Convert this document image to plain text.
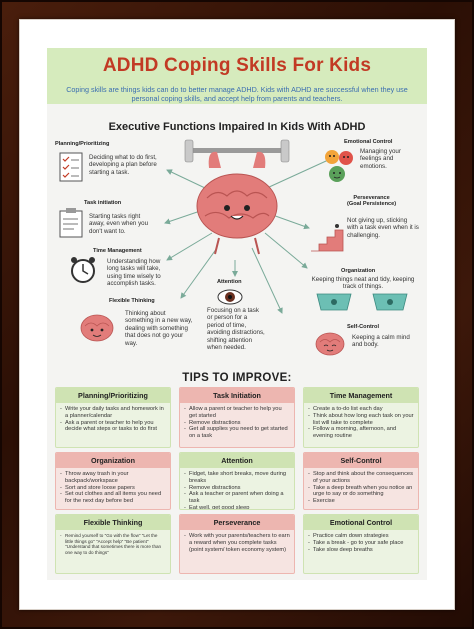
ADHD Coping Skills For Kids
Coping skills are things kids can do to better manage ADHD. Kids with ADHD are successful when they use personal coping skills, and accept help from parents and teachers.
Executive Functions Impaired In Kids With ADHD
Planning/Prioritizing
Deciding what to do first, developing a plan before starting a task.
Task initiation
Starting tasks right away, even when you don't want to.
Time Management
Understanding how long tasks will take, using time wisely to accomplish tasks.
Flexible Thinking
Thinking about something in a new way, dealing with something that does not go your way.
Attention
Focusing on a task or person for a period of time, avoiding distractions, shifting attention when needed.
Emotional Control
Managing your feelings and emotions.
Perseverance
(Goal Persistence)
Not giving up, sticking with a task even when it is challenging.
Organization
Keeping things neat and tidy, keeping track of things.
Self-Control
Keeping a calm mind and body.
TIPS TO IMPROVE:
Planning/Prioritizing
- Write your daily tasks and homework in a planner/calendar
- Ask a parent or teacher to help you decide what steps or tasks to do first
Task Initiation
- Allow a parent or teacher to help you get started
- Remove distractions
- Get all supplies you need to get started on a task
Time Management
- Create a to-do list each day
- Think about how long each task on your list will take to complete
- Follow a morning, afternoon, and evening routine
Organization
- Throw away trash in your backpack/workspace
- Sort and store loose papers
- Set out clothes and all items you need for the next day before bed
Attention
- Fidget, take short breaks, move during breaks
- Remove distractions
- Ask a teacher or parent when doing a task
- Eat well, get good sleep
Self-Control
- Stop and think about the consequences of your actions
- Take a deep breath when you notice an urge to say or do something
- Exercise
Flexible Thinking
- Remind yourself to "Go with the flow" "Let the little things go" "Accept help" "Be patient" "Understand that sometimes there is more than one way to do things"
Perseverance
- Work with your parents/teachers to earn a reward when you complete tasks (point system/ token economy system)
Emotional Control
- Practice calm down strategies
- Take a break - go to your safe place
- Take slow deep breaths
